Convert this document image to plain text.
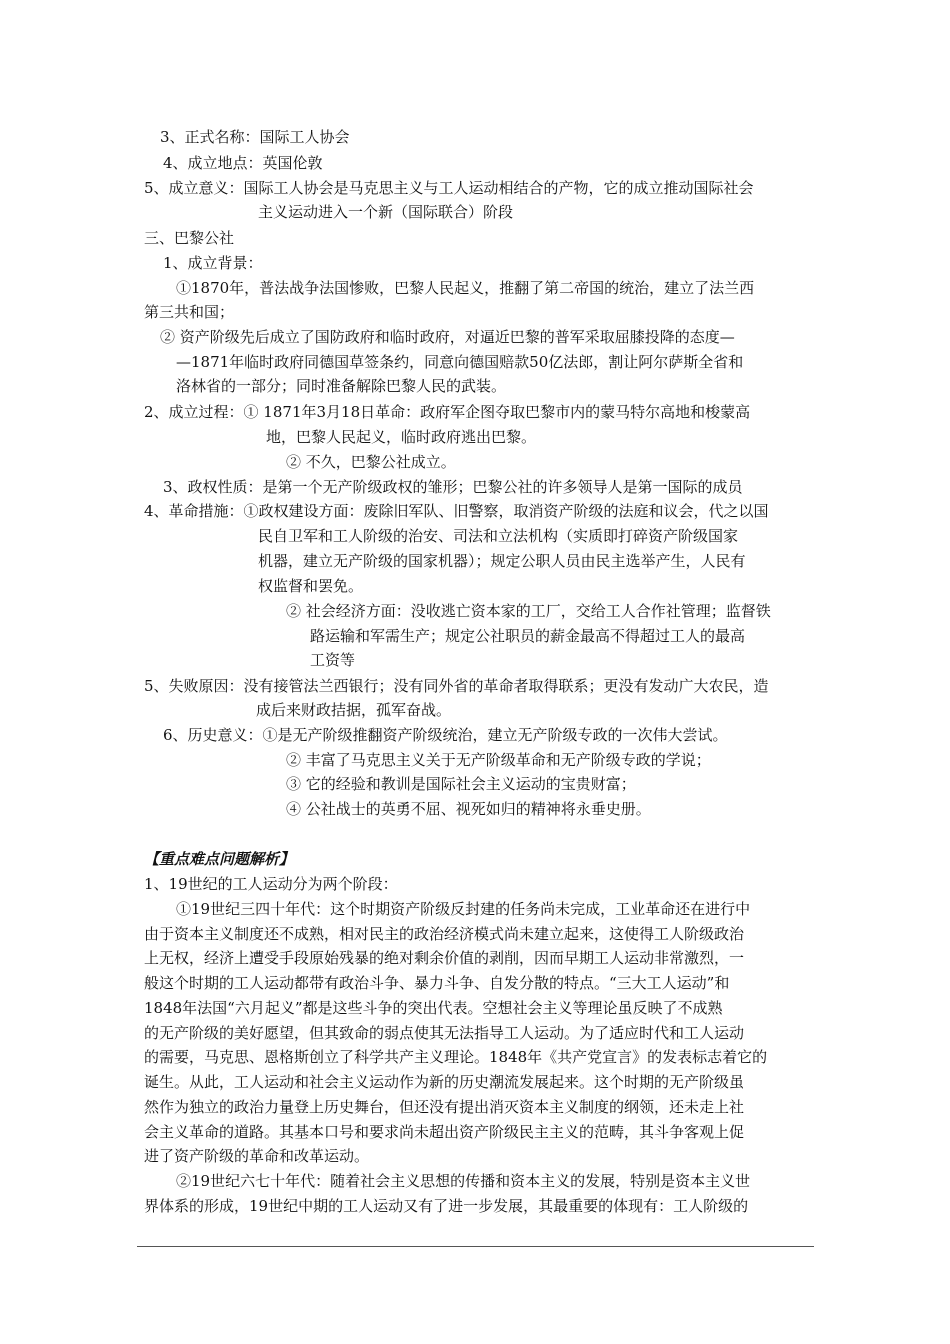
3、正式名称：国际工人协会
4、成立地点：英国伦敦
5、成立意义：国际工人协会是马克思主义与工人运动相结合的产物，它的成立推动国际社会
主义运动进入一个新（国际联合）阶段
三、巴黎公社
1、成立背景：
①1870年，普法战争法国惨败，巴黎人民起义，推翻了第二帝国的统治，建立了法兰西
第三共和国；
② 资产阶级先后成立了国防政府和临时政府，对逼近巴黎的普军采取屈膝投降的态度—
—1871年临时政府同德国草签条约，同意向德国赔款50亿法郎，割让阿尔萨斯全省和
洛林省的一部分；同时准备解除巴黎人民的武装。
2、成立过程：① 1871年3月18日革命：政府军企图夺取巴黎市内的蒙马特尔高地和梭蒙高
地，巴黎人民起义，临时政府逃出巴黎。
② 不久，巴黎公社成立。
3、政权性质：是第一个无产阶级政权的雏形；巴黎公社的许多领导人是第一国际的成员
4、革命措施：①政权建设方面：废除旧军队、旧警察，取消资产阶级的法庭和议会，代之以国
民自卫军和工人阶级的治安、司法和立法机构（实质即打碎资产阶级国家
机器，建立无产阶级的国家机器）；规定公职人员由民主选举产生，人民有
权监督和罢免。
② 社会经济方面：没收逃亡资本家的工厂，交给工人合作社管理；监督铁
路运输和军需生产；规定公社职员的薪金最高不得超过工人的最高
工资等
5、失败原因：没有接管法兰西银行；没有同外省的革命者取得联系；更没有发动广大农民，造
成后来财政拮据，孤军奋战。
6、历史意义：①是无产阶级推翻资产阶级统治，建立无产阶级专政的一次伟大尝试。
② 丰富了马克思主义关于无产阶级革命和无产阶级专政的学说；
③ 它的经验和教训是国际社会主义运动的宝贵财富；
④ 公社战士的英勇不屈、视死如归的精神将永垂史册。
【重点难点问题解析】
1、19世纪的工人运动分为两个阶段：
①19世纪三四十年代：这个时期资产阶级反封建的任务尚未完成，工业革命还在进行中
由于资本主义制度还不成熟，相对民主的政治经济模式尚未建立起来，这使得工人阶级政治
上无权，经济上遭受手段原始残暴的绝对剩余价值的剥削，因而早期工人运动非常激烈，一
般这个时期的工人运动都带有政治斗争、暴力斗争、自发分散的特点。“三大工人运动”和
1848年法国“六月起义”都是这些斗争的突出代表。空想社会主义等理论虽反映了不成熟
的无产阶级的美好愿望，但其致命的弱点使其无法指导工人运动。为了适应时代和工人运动
的需要，马克思、恩格斯创立了科学共产主义理论。1848年《共产党宣言》的发表标志着它的
诞生。从此，工人运动和社会主义运动作为新的历史潮流发展起来。这个时期的无产阶级虽
然作为独立的政治力量登上历史舞台，但还没有提出消灭资本主义制度的纲领，还未走上社
会主义革命的道路。其基本口号和要求尚未超出资产阶级民主主义的范畴，其斗争客观上促
进了资产阶级的革命和改革运动。
②19世纪六七十年代：随着社会主义思想的传播和资本主义的发展，特别是资本主义世
界体系的形成，19世纪中期的工人运动又有了进一步发展，其最重要的体现有：工人阶级的
